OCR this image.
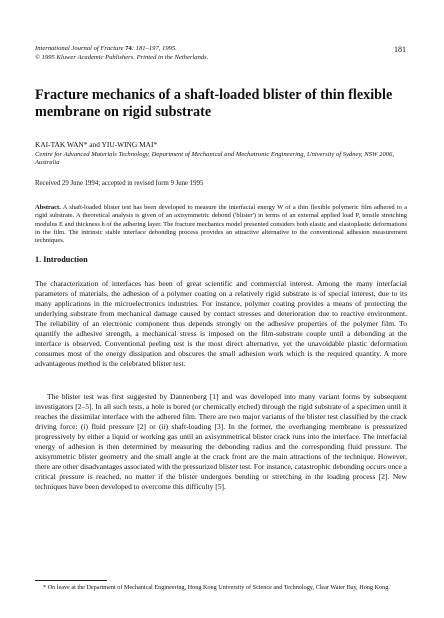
International Journal of Fracture 74: 181–197, 1995.
© 1995 Kluwer Academic Publishers. Printed in the Netherlands.
181
Fracture mechanics of a shaft-loaded blister of thin flexible membrane on rigid substrate
KAI-TAK WAN* and YIU-WING MAI*
Centre for Advanced Materials Technology, Department of Mechanical and Mechatronic Engineering, University of Sydney, NSW 2006, Australia
Received 29 June 1994; accepted in revised form 9 June 1995
Abstract. A shaft-loaded blister test has been developed to measure the interfacial energy W of a thin flexible polymeric film adhered to a rigid substrate. A theoretical analysis is given of an axisymmetric debond ('blister') in terms of an external applied load P, tensile stretching modulus E and thickness h of the adhering layer. The fracture mechanics model presented considers both elastic and elastoplastic deformations in the film. The intrinsic stable interface debonding process provides an attractive alternative to the conventional adhesion measurement techniques.
1. Introduction

The characterization of interfaces has been of great scientific and commercial interest. Among the many interfacial parameters of materials, the adhesion of a polymer coating on a relatively rigid substrate is of special interest, due to its many applications in the microelectronics industries. For instance, polymer coating provides a means of protecting the underlying substrate from mechanical damage caused by contact stresses and deterioration due to reactive environment. The reliability of an electronic component thus depends strongly on the adhesive properties of the polymer film. To quantify the adhesive strength, a mechanical stress is imposed on the film-substrate couple until a debonding at the interface is observed. Conventional peeling test is the most direct alternative, yet the unavoidable plastic deformation consumes most of the energy dissipation and obscures the small adhesion work which is the required quantity. A more advantageous method is the celebrated blister test.

The blister test was first suggested by Dannenberg [1] and was developed into many variant forms by subsequent investigators [2–5]. In all such tests, a hole is bored (or chemically etched) through the rigid substrate of a specimen until it reaches the dissimilar interface with the adhered film. There are two major variants of the blister test classified by the crack driving force: (i) fluid pressure [2] or (ii) shaft-loading [3]. In the former, the overhanging membrane is pressurized progressively by either a liquid or working gas until an axisymmetrical blister crack runs into the interface. The interfacial energy of adhesion is then determined by measuring the debonding radius and the corresponding fluid pressure. The axisymmetric blister geometry and the small angle at the crack front are the main attractions of the technique. However, there are other disadvantages associated with the pressurized blister test. For instance, catastrophic debonding occurs once a critical pressure is reached, no matter if the blister undergoes bending or stretching in the loading process [2]. New techniques have been developed to overcome this difficulty [5].

* On leave at the Department of Mechanical Engineering, Hong Kong University of Science and Technology, Clear Water Bay, Hong Kong.
